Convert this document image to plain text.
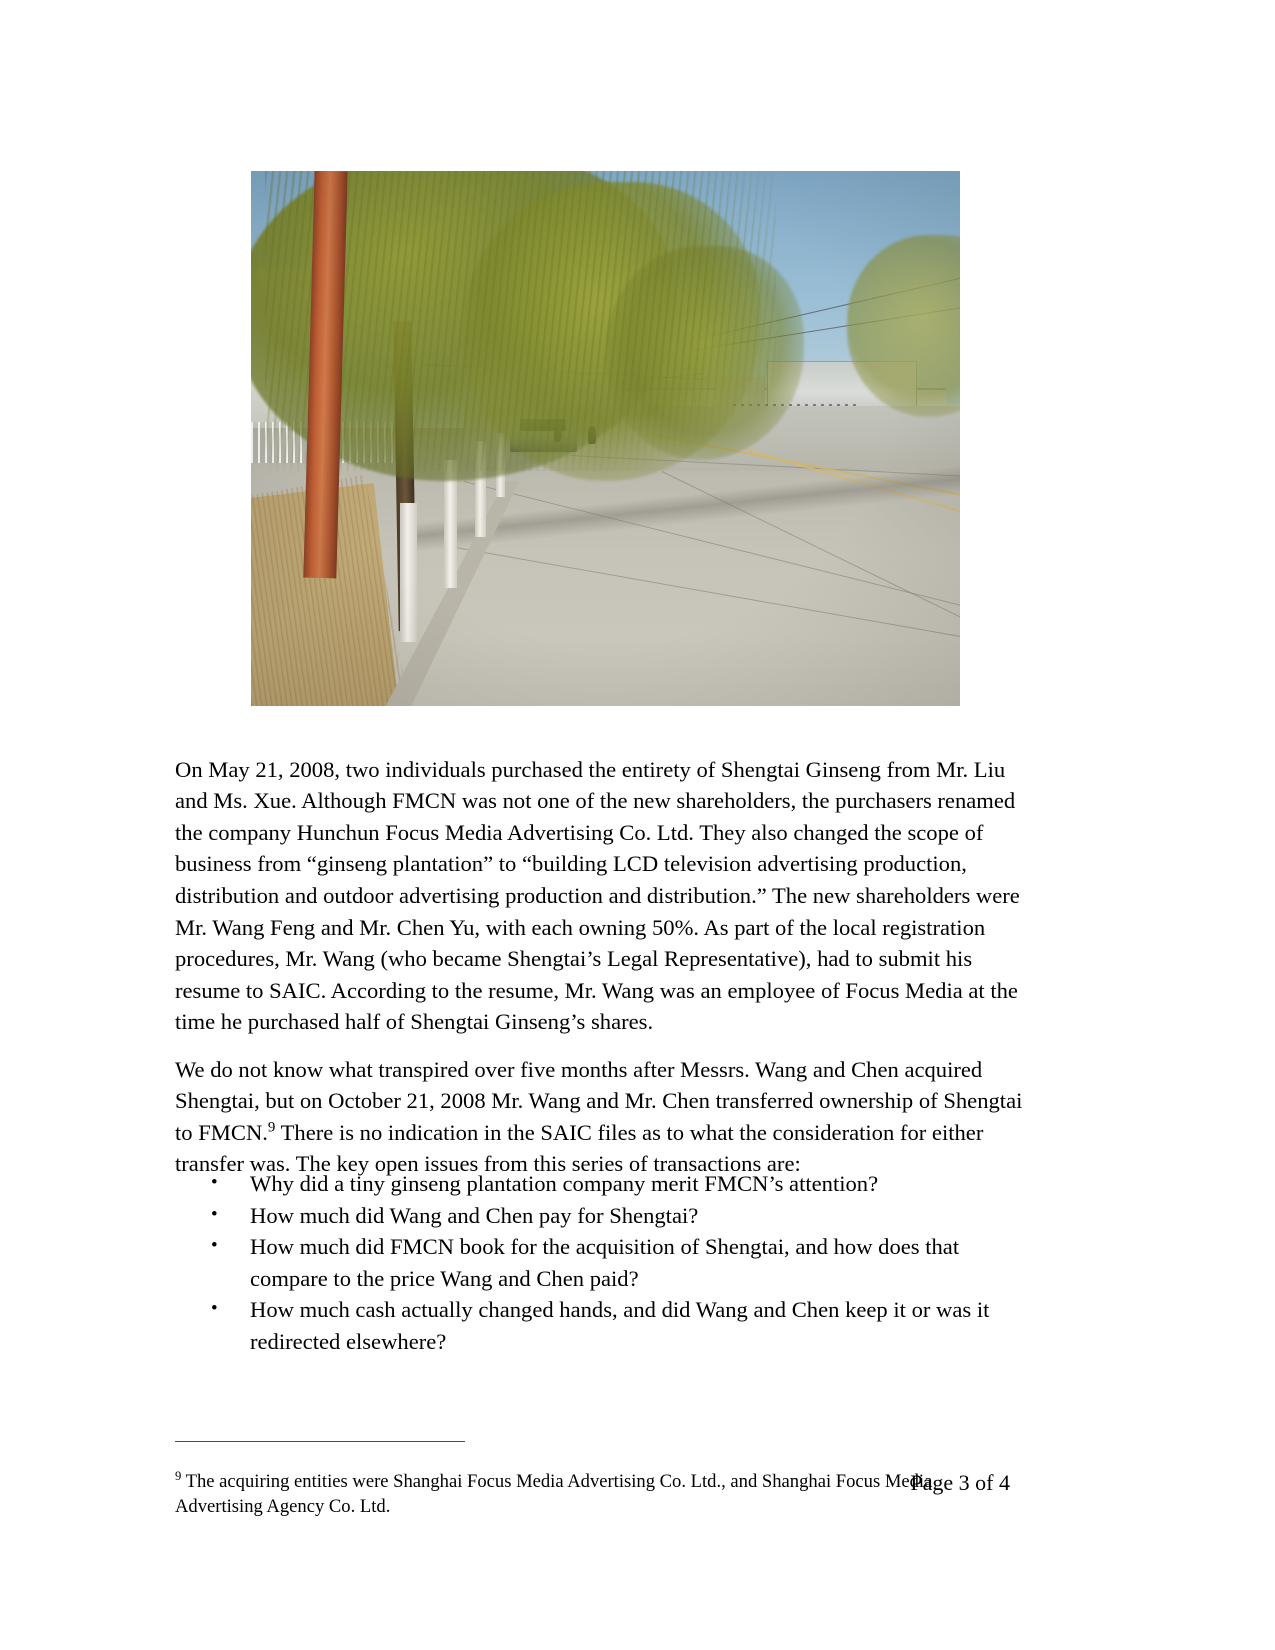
On May 21, 2008, two individuals purchased the entirety of Shengtai Ginseng from Mr. Liu and Ms. Xue. Although FMCN was not one of the new shareholders, the purchasers renamed the company Hunchun Focus Media Advertising Co. Ltd. They also changed the scope of business from “ginseng plantation” to “building LCD television advertising production, distribution and outdoor advertising production and distribution.” The new shareholders were Mr. Wang Feng and Mr. Chen Yu, with each owning 50%. As part of the local registration procedures, Mr. Wang (who became Shengtai’s Legal Representative), had to submit his resume to SAIC. According to the resume, Mr. Wang was an employee of Focus Media at the time he purchased half of Shengtai Ginseng’s shares.

We do not know what transpired over five months after Messrs. Wang and Chen acquired Shengtai, but on October 21, 2008 Mr. Wang and Mr. Chen transferred ownership of Shengtai to FMCN.$^9$ There is no indication in the SAIC files as to what the consideration for either transfer was. The key open issues from this series of transactions are:

• Why did a tiny ginseng plantation company merit FMCN’s attention?
• How much did Wang and Chen pay for Shengtai?
• How much did FMCN book for the acquisition of Shengtai, and how does that compare to the price Wang and Chen paid?
• How much cash actually changed hands, and did Wang and Chen keep it or was it redirected elsewhere?

$^9$ The acquiring entities were Shanghai Focus Media Advertising Co. Ltd., and Shanghai Focus Media Advertising Agency Co. Ltd.

Page 3 of 4
